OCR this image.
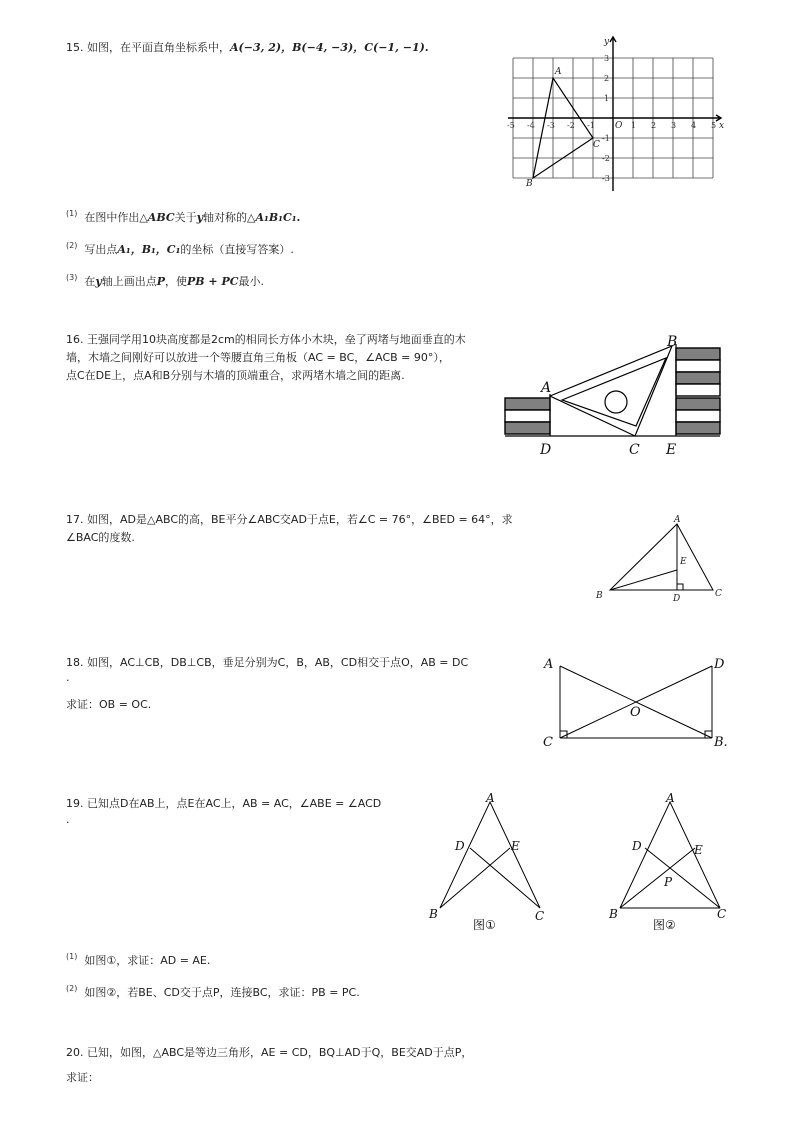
15. 如图，在平面直角坐标系中，A(−3, 2)，B(−4, −3)，C(−1, −1).
-5 -4 -3 -2 -1	1 2 3 4 5
3
2
1
-1
-2
-3
x
y
O
A
B
C
$^{(1)}$ 在图中作出△ABC关于y轴对称的△A₁B₁C₁.
$^{(2)}$ 写出点A₁，B₁，C₁的坐标（直接写答案）.
$^{(3)}$ 在y轴上画出点P，使PB + PC最小.
16. 王强同学用10块高度都是2cm的相同长方体小木块，垒了两堵与地面垂直的木
墙，木墙之间刚好可以放进一个等腰直角三角板（AC = BC，∠ACB = 90°），
点C在DE上，点A和B分别与木墙的顶端重合，求两堵木墙之间的距离.
A
B
C
D	E
17. 如图，AD是△ABC的高，BE平分∠ABC交AD于点E，若∠C = 76°，∠BED = 64°，求
∠BAC的度数.
A
B	C
D
E
18. 如图，AC⊥CB，DB⊥CB，垂足分别为C，B，AB，CD相交于点O，AB = DC
.
求证：OB = OC.
A	D
C	B.
O
19. 已知点D在AB上，点E在AC上，AB = AC，∠ABE = ∠ACD
.
A
B	C
D	E
图①
A
B	C
D	E
P
图②
$^{(1)}$ 如图①，求证：AD = AE.
$^{(2)}$ 如图②，若BE、CD交于点P，连接BC，求证：PB = PC.
20. 已知，如图，△ABC是等边三角形，AE = CD，BQ⊥AD于Q，BE交AD于点P，
求证：
